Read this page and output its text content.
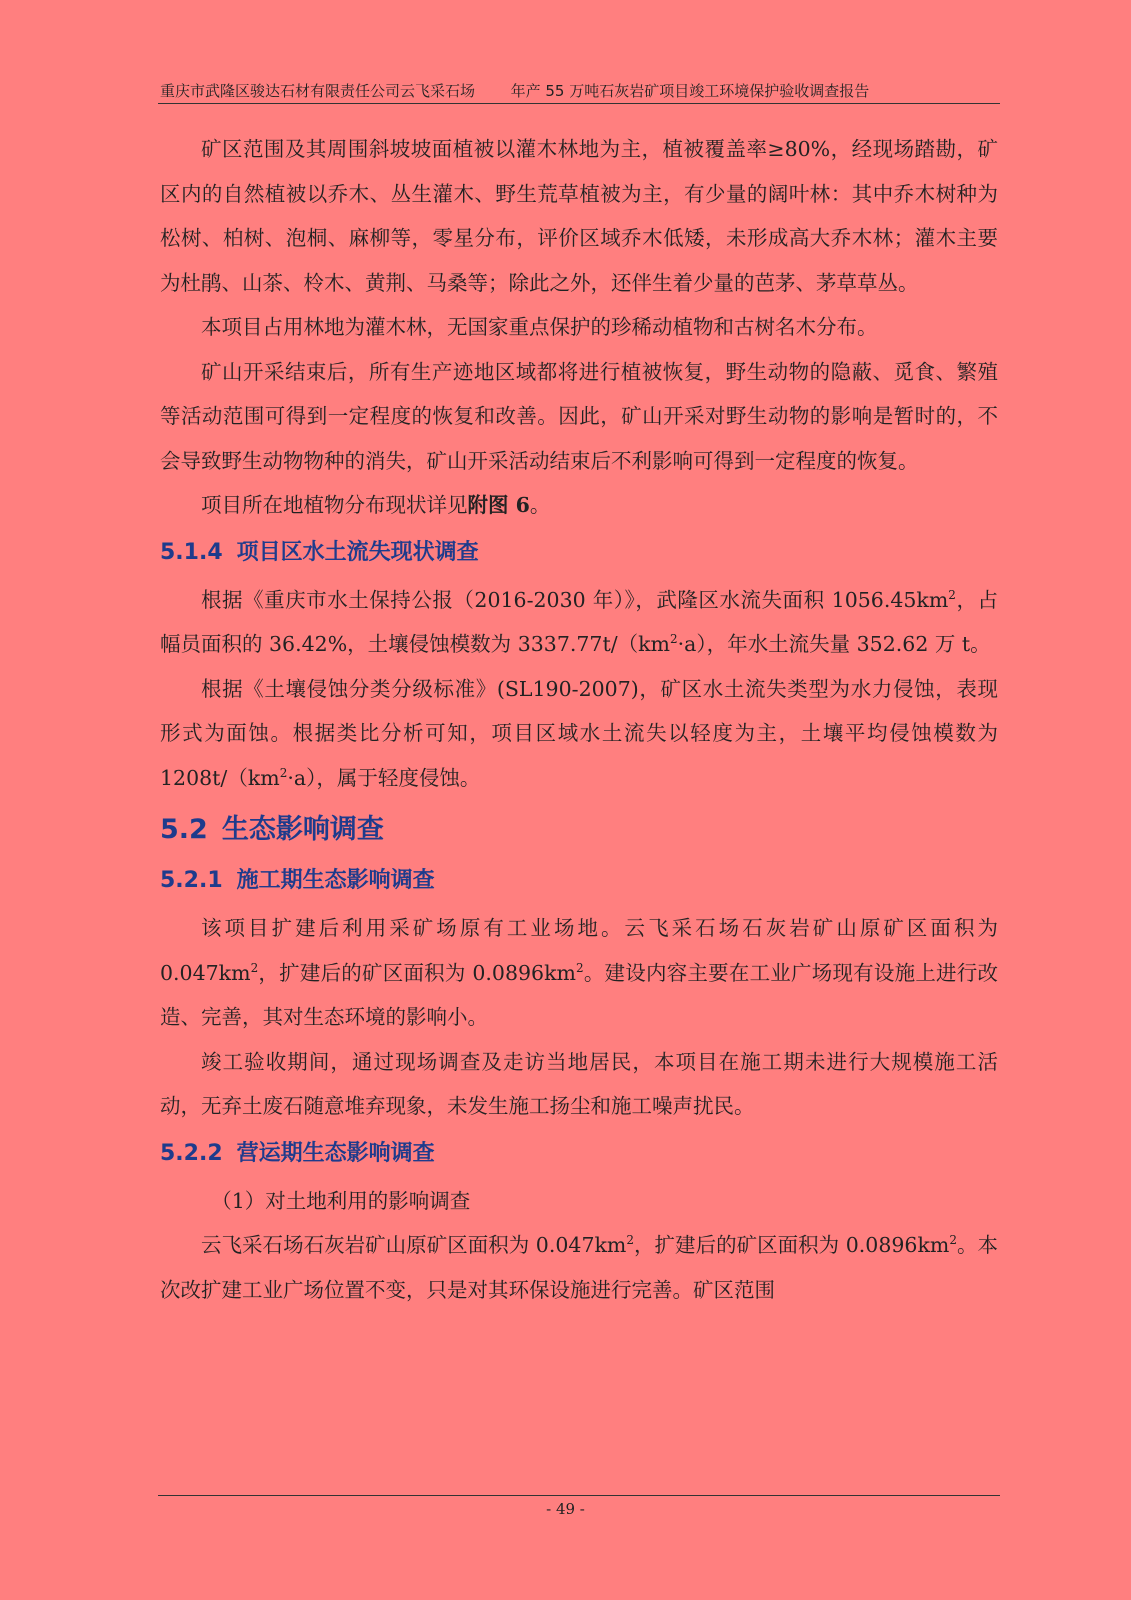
重庆市武隆区骏达石材有限责任公司云飞采石场 年产 55 万吨石灰岩矿项目竣工环境保护验收调查报告

矿区范围及其周围斜坡坡面植被以灌木林地为主，植被覆盖率≥80%，经现场踏勘，矿区内的自然植被以乔木、丛生灌木、野生荒草植被为主，有少量的阔叶林：其中乔木树种为松树、柏树、泡桐、麻柳等，零星分布，评价区域乔木低矮，未形成高大乔木林；灌木主要为杜鹃、山茶、柃木、黄荆、马桑等；除此之外，还伴生着少量的芭茅、茅草草丛。

本项目占用林地为灌木林，无国家重点保护的珍稀动植物和古树名木分布。

矿山开采结束后，所有生产迹地区域都将进行植被恢复，野生动物的隐蔽、觅食、繁殖等活动范围可得到一定程度的恢复和改善。因此，矿山开采对野生动物的影响是暂时的，不会导致野生动物物种的消失，矿山开采活动结束后不利影响可得到一定程度的恢复。

项目所在地植物分布现状详见附图 6。

5.1.4 项目区水土流失现状调查

根据《重庆市水土保持公报（2016-2030 年）》，武隆区水流失面积 $1056.45km^2$，占幅员面积的 36.42%，土壤侵蚀模数为 $3337.77t/(km^2\cdot a)$，年水土流失量 352.62 万 t。

根据《土壤侵蚀分类分级标准》(SL190-2007)，矿区水土流失类型为水力侵蚀，表现形式为面蚀。根据类比分析可知，项目区域水土流失以轻度为主，土壤平均侵蚀模数为 $1208t/(km^2\cdot a)$，属于轻度侵蚀。

5.2 生态影响调查
5.2.1 施工期生态影响调查

该项目扩建后利用采矿场原有工业场地。云飞采石场石灰岩矿山原矿区面积为 $0.047km^2$，扩建后的矿区面积为 $0.0896km^2$。建设内容主要在工业广场现有设施上进行改造、完善，其对生态环境的影响小。

竣工验收期间，通过现场调查及走访当地居民，本项目在施工期未进行大规模施工活动，无弃土废石随意堆弃现象，未发生施工扬尘和施工噪声扰民。

5.2.2 营运期生态影响调查

（1）对土地利用的影响调查

云飞采石场石灰岩矿山原矿区面积为 $0.047km^2$，扩建后的矿区面积为 $0.0896km^2$。本次改扩建工业广场位置不变，只是对其环保设施进行完善。矿区范围

- 49 -
